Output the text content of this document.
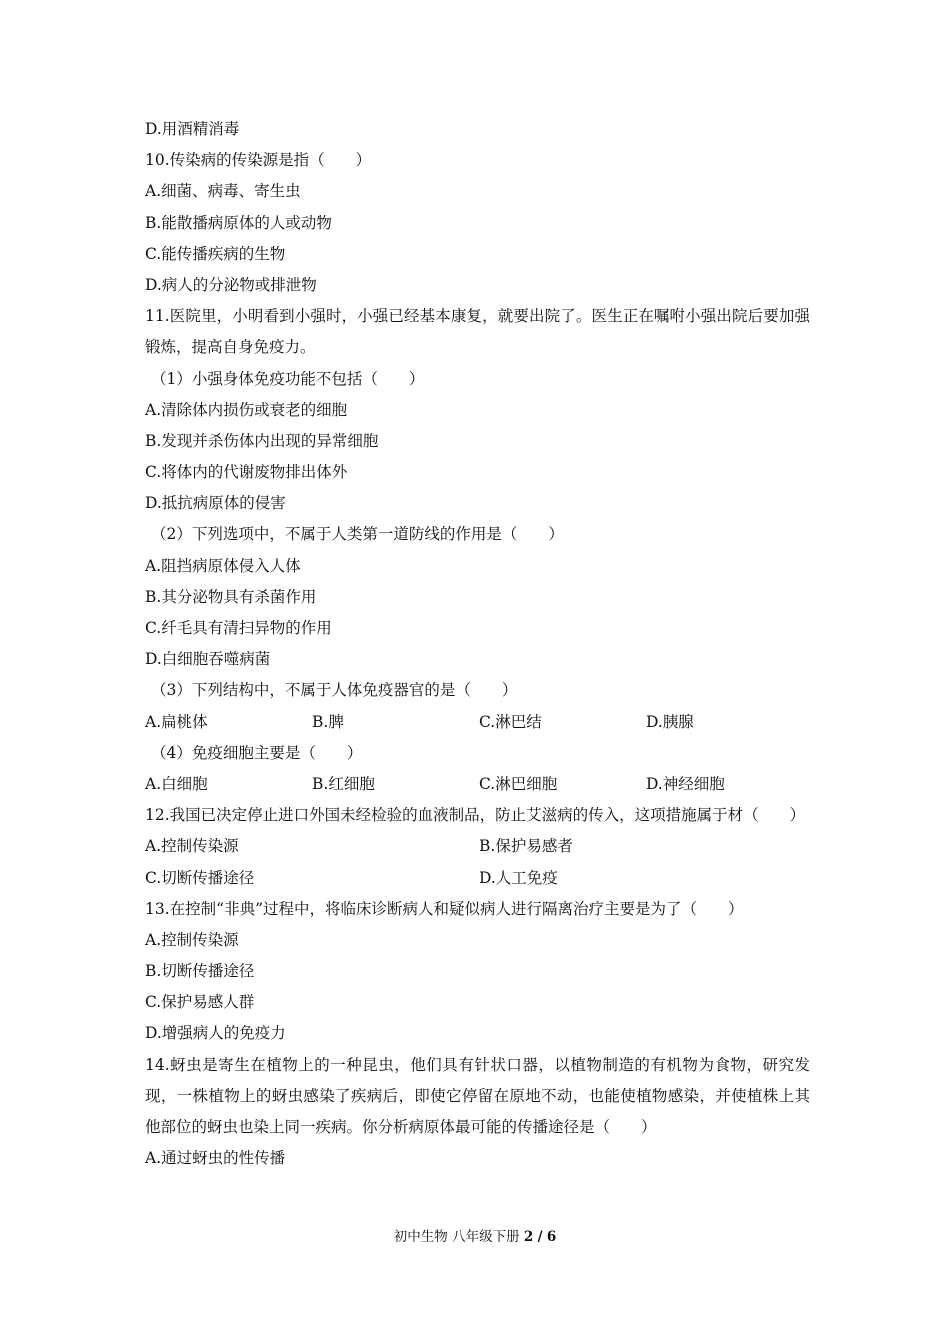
D.用酒精消毒
10.传染病的传染源是指（　　）
A.细菌、病毒、寄生虫
B.能散播病原体的人或动物
C.能传播疾病的生物
D.病人的分泌物或排泄物
11.医院里，小明看到小强时，小强已经基本康复，就要出院了。医生正在嘱咐小强出院后要加强锻炼，提高自身免疫力。
（1）小强身体免疫功能不包括（　　）
A.清除体内损伤或衰老的细胞
B.发现并杀伤体内出现的异常细胞
C.将体内的代谢废物排出体外
D.抵抗病原体的侵害
（2）下列选项中，不属于人类第一道防线的作用是（　　）
A.阻挡病原体侵入人体
B.其分泌物具有杀菌作用
C.纤毛具有清扫异物的作用
D.白细胞吞噬病菌
（3）下列结构中，不属于人体免疫器官的是（　　）
A.扁桃体	B.脾	C.淋巴结	D.胰腺
（4）免疫细胞主要是（　　）
A.白细胞	B.红细胞	C.淋巴细胞	D.神经细胞
12.我国已决定停止进口外国未经检验的血液制品，防止艾滋病的传入，这项措施属于材（　　）
A.控制传染源	B.保护易感者
C.切断传播途径	D.人工免疫
13.在控制“非典”过程中，将临床诊断病人和疑似病人进行隔离治疗主要是为了（　　）
A.控制传染源
B.切断传播途径
C.保护易感人群
D.增强病人的免疫力
14.蚜虫是寄生在植物上的一种昆虫，他们具有针状口器，以植物制造的有机物为食物，研究发现，一株植物上的蚜虫感染了疾病后，即使它停留在原地不动，也能使植物感染，并使植株上其他部位的蚜虫也染上同一疾病。你分析病原体最可能的传播途径是（　　）
A.通过蚜虫的性传播
初中生物 八年级下册 2 / 6
